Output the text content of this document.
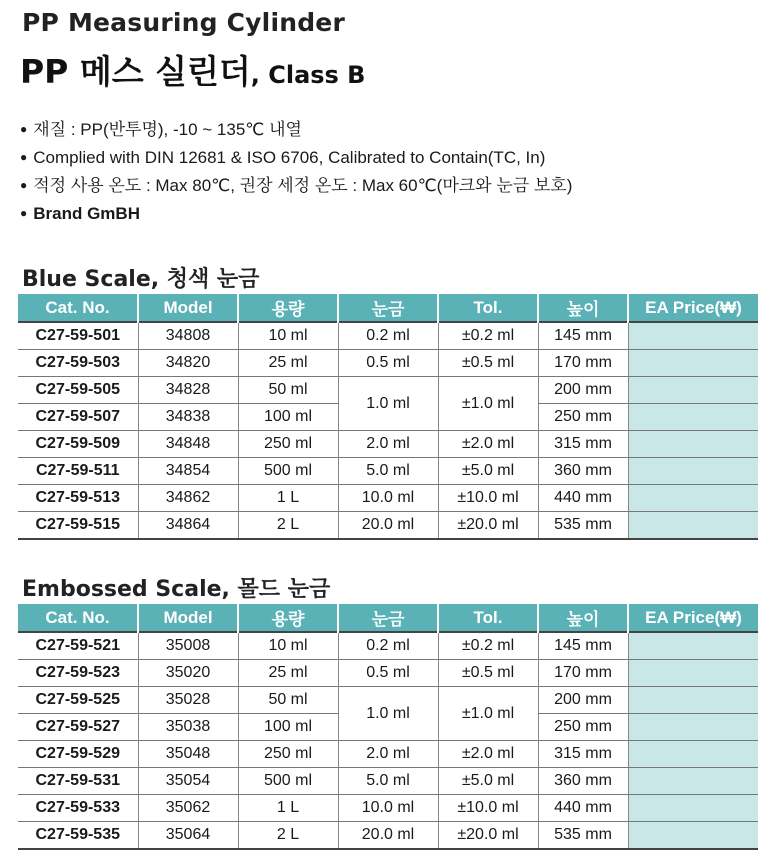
PP Measuring Cylinder
PP 메스 실린더, Class B
● 재질 : PP(반투명), -10 ~ 135℃ 내열
● Complied with DIN 12681 & ISO 6706, Calibrated to Contain(TC, In)
● 적정 사용 온도 : Max 80℃, 권장 세정 온도 : Max 60℃(마크와 눈금 보호)
● Brand GmBH
Blue Scale, 청색 눈금
Cat. No.	Model	용량	눈금	Tol.	높이	EA Price(₩)
C27-59-501	34808	10 ml	0.2 ml	±0.2 ml	145 mm	
C27-59-503	34820	25 ml	0.5 ml	±0.5 ml	170 mm	
C27-59-505	34828	50 ml	1.0 ml	±1.0 ml	200 mm	
C27-59-507	34838	100 ml			250 mm	
C27-59-509	34848	250 ml	2.0 ml	±2.0 ml	315 mm	
C27-59-511	34854	500 ml	5.0 ml	±5.0 ml	360 mm	
C27-59-513	34862	1 L	10.0 ml	±10.0 ml	440 mm	
C27-59-515	34864	2 L	20.0 ml	±20.0 ml	535 mm	
Embossed Scale, 몰드 눈금
Cat. No.	Model	용량	눈금	Tol.	높이	EA Price(₩)
C27-59-521	35008	10 ml	0.2 ml	±0.2 ml	145 mm	
C27-59-523	35020	25 ml	0.5 ml	±0.5 ml	170 mm	
C27-59-525	35028	50 ml	1.0 ml	±1.0 ml	200 mm	
C27-59-527	35038	100 ml			250 mm	
C27-59-529	35048	250 ml	2.0 ml	±2.0 ml	315 mm	
C27-59-531	35054	500 ml	5.0 ml	±5.0 ml	360 mm	
C27-59-533	35062	1 L	10.0 ml	±10.0 ml	440 mm	
C27-59-535	35064	2 L	20.0 ml	±20.0 ml	535 mm	
